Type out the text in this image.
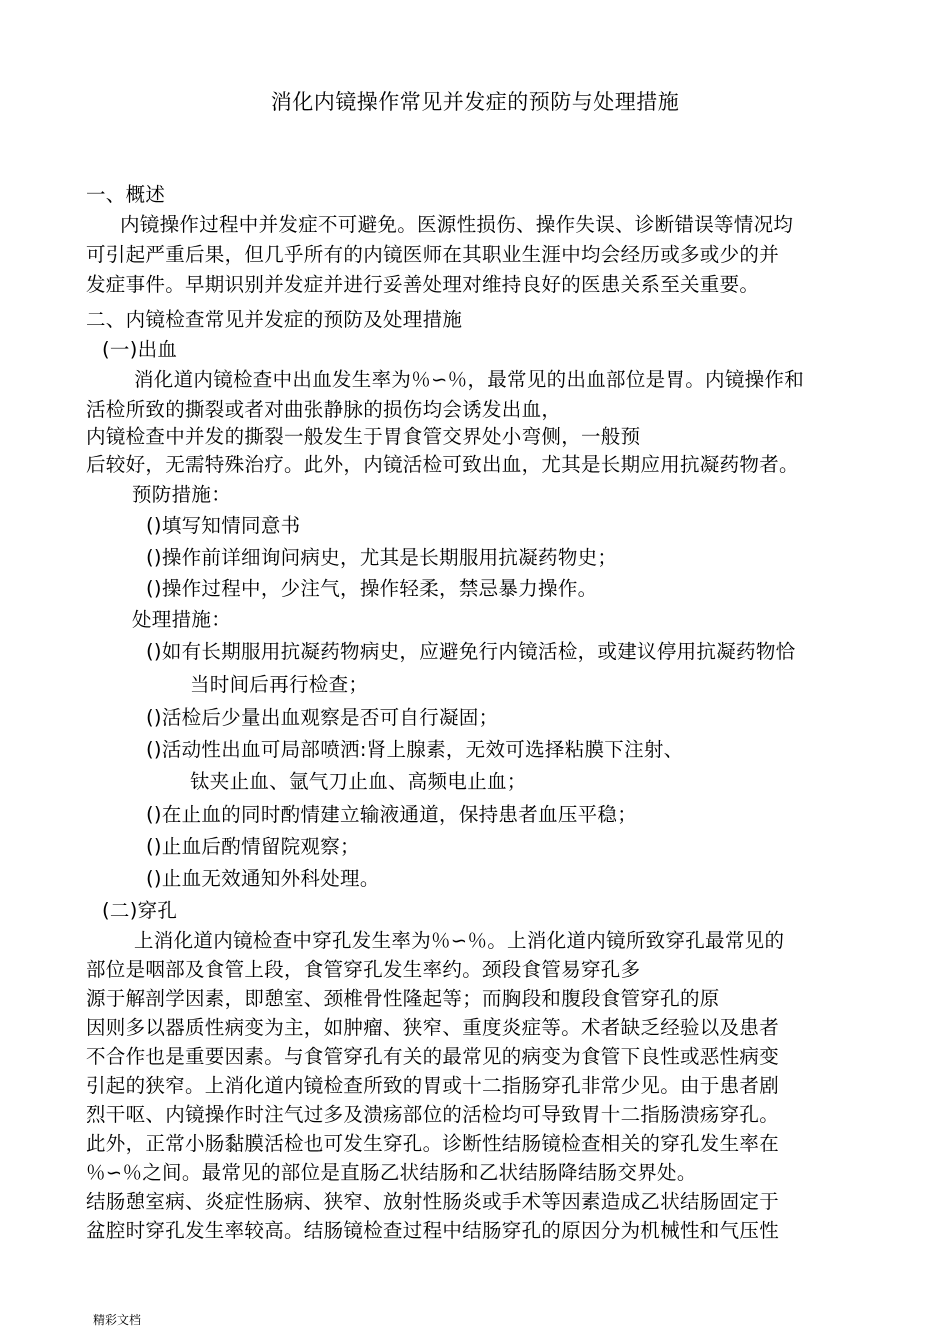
消化内镜操作常见并发症的预防与处理措施
一、概述
内镜操作过程中并发症不可避免。医源性损伤、操作失误、诊断错误等情况均
可引起严重后果，但几乎所有的内镜医师在其职业生涯中均会经历或多或少的并
发症事件。早期识别并发症并进行妥善处理对维持良好的医患关系至关重要。
二、内镜检查常见并发症的预防及处理措施
(一)出血
消化道内镜检查中出血发生率为％∽％，最常见的出血部位是胃。内镜操作和
活检所致的撕裂或者对曲张静脉的损伤均会诱发出血，
内镜检查中并发的撕裂一般发生于胃食管交界处小弯侧，一般预
后较好，无需特殊治疗。此外，内镜活检可致出血，尤其是长期应用抗凝药物者。
预防措施：
()填写知情同意书
()操作前详细询问病史，尤其是长期服用抗凝药物史；
()操作过程中，少注气，操作轻柔，禁忌暴力操作。
处理措施：
()如有长期服用抗凝药物病史，应避免行内镜活检，或建议停用抗凝药物恰
当时间后再行检查；
()活检后少量出血观察是否可自行凝固；
()活动性出血可局部喷洒:肾上腺素，无效可选择粘膜下注射、
钛夹止血、氩气刀止血、高频电止血；
()在止血的同时酌情建立输液通道，保持患者血压平稳；
()止血后酌情留院观察；
()止血无效通知外科处理。
(二)穿孔
上消化道内镜检查中穿孔发生率为％∽％。上消化道内镜所致穿孔最常见的
部位是咽部及食管上段，食管穿孔发生率约。颈段食管易穿孔多
源于解剖学因素，即憩室、颈椎骨性隆起等；而胸段和腹段食管穿孔的原
因则多以器质性病变为主，如肿瘤、狭窄、重度炎症等。术者缺乏经验以及患者
不合作也是重要因素。与食管穿孔有关的最常见的病变为食管下良性或恶性病变
引起的狭窄。上消化道内镜检查所致的胃或十二指肠穿孔非常少见。由于患者剧
烈干呕、内镜操作时注气过多及溃疡部位的活检均可导致胃十二指肠溃疡穿孔。
此外，正常小肠黏膜活检也可发生穿孔。诊断性结肠镜检查相关的穿孔发生率在
％∽％之间。最常见的部位是直肠乙状结肠和乙状结肠降结肠交界处。
结肠憩室病、炎症性肠病、狭窄、放射性肠炎或手术等因素造成乙状结肠固定于
盆腔时穿孔发生率较高。结肠镜检查过程中结肠穿孔的原因分为机械性和气压性
精彩文档
